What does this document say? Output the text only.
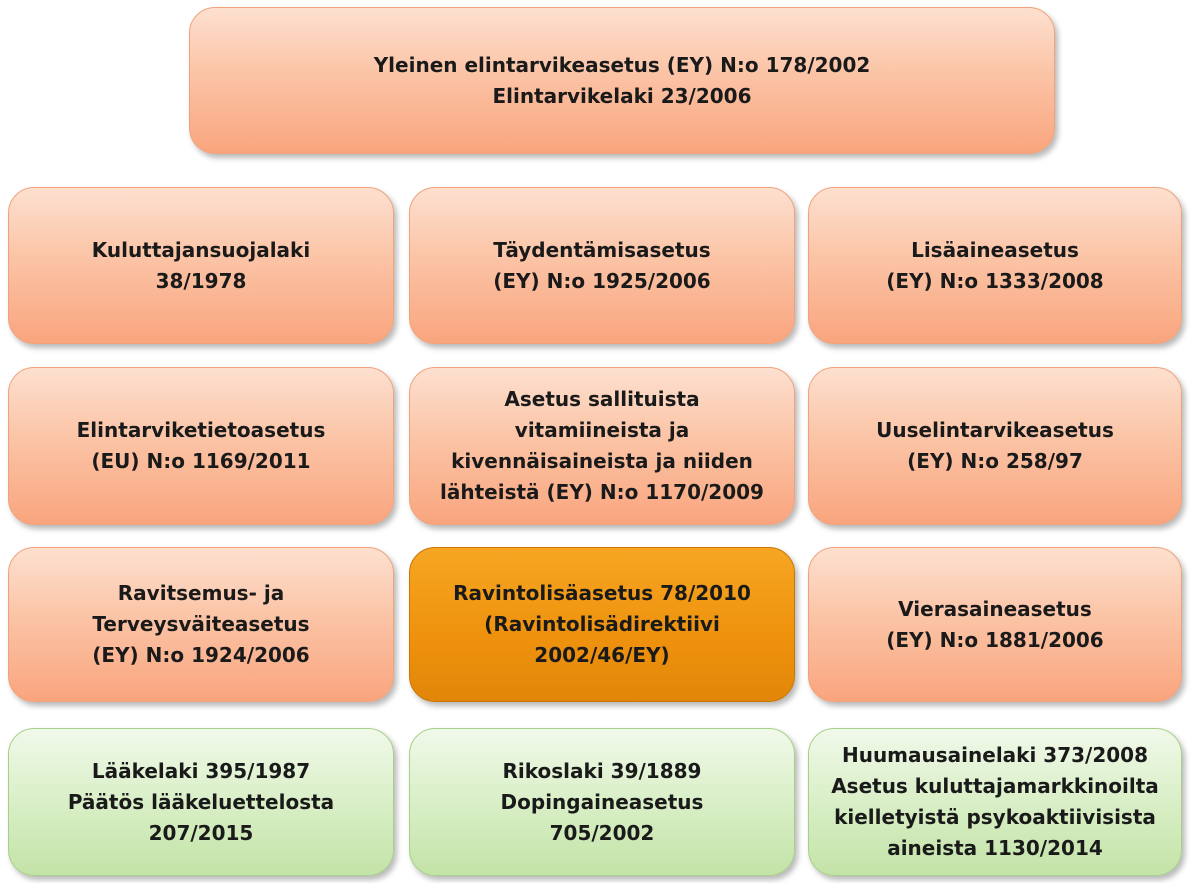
Yleinen elintarvikeasetus (EY) N:o 178/2002
Elintarvikelaki 23/2006
Kuluttajansuojalaki
38/1978
Täydentämisasetus
(EY) N:o 1925/2006
Lisäaineasetus
(EY) N:o 1333/2008
Elintarviketietoasetus
(EU) N:o 1169/2011
Asetus sallituista
vitamiineista ja
kivennäisaineista ja niiden
lähteistä (EY) N:o 1170/2009
Uuselintarvikeasetus
(EY) N:o 258/97
Ravitsemus- ja
Terveysväiteasetus
(EY) N:o 1924/2006
Ravintolisäasetus 78/2010
(Ravintolisädirektiivi
2002/46/EY)
Vierasaineasetus
(EY) N:o 1881/2006
Lääkelaki 395/1987
Päätös lääkeluettelosta
207/2015
Rikoslaki 39/1889
Dopingaineasetus
705/2002
Huumausainelaki 373/2008
Asetus kuluttajamarkkinoilta
kielletyistä psykoaktiivisista
aineista 1130/2014
